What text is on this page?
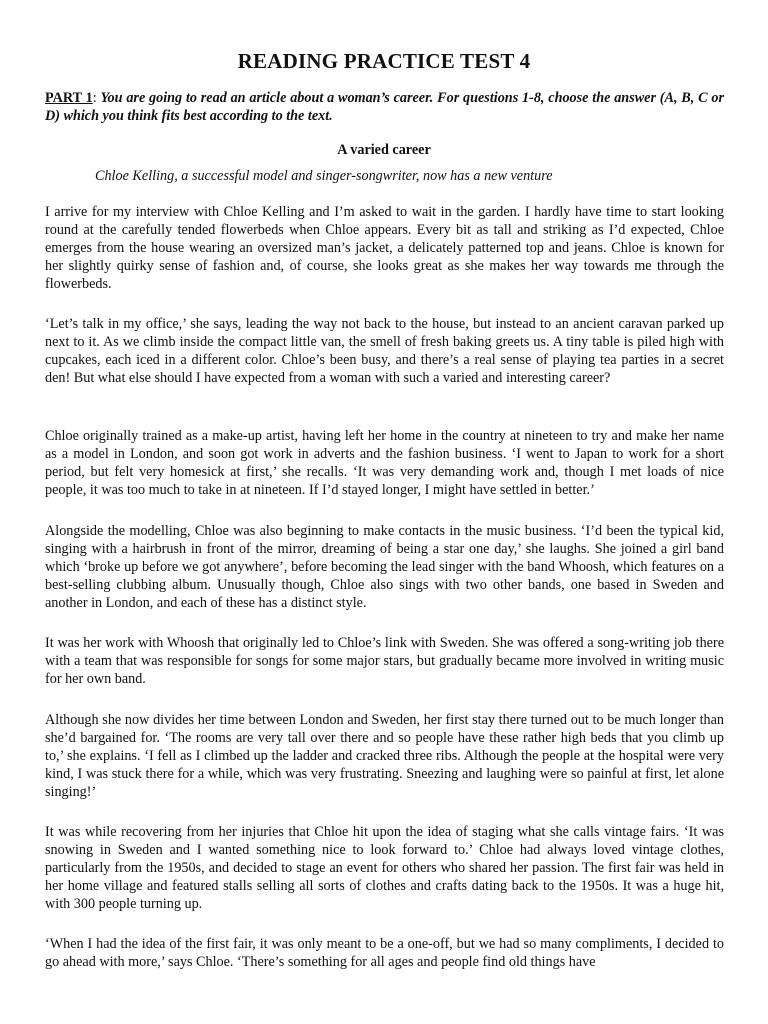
READING PRACTICE TEST 4
PART 1: You are going to read an article about a woman’s career. For questions 1-8, choose the answer (A, B, C or D) which you think fits best according to the text.
A varied career
Chloe Kelling, a successful model and singer-songwriter, now has a new venture

I arrive for my interview with Chloe Kelling and I’m asked to wait in the garden. I hardly have time to start looking round at the carefully tended flowerbeds when Chloe appears. Every bit as tall and striking as I’d expected, Chloe emerges from the house wearing an oversized man’s jacket, a delicately patterned top and jeans. Chloe is known for her slightly quirky sense of fashion and, of course, she looks great as she makes her way towards me through the flowerbeds.

‘Let’s talk in my office,’ she says, leading the way not back to the house, but instead to an ancient caravan parked up next to it. As we climb inside the compact little van, the smell of fresh baking greets us. A tiny table is piled high with cupcakes, each iced in a different color. Chloe’s been busy, and there’s a real sense of playing tea parties in a secret den! But what else should I have expected from a woman with such a varied and interesting career?

Chloe originally trained as a make-up artist, having left her home in the country at nineteen to try and make her name as a model in London, and soon got work in adverts and the fashion business. ‘I went to Japan to work for a short period, but felt very homesick at first,’ she recalls. ‘It was very demanding work and, though I met loads of nice people, it was too much to take in at nineteen. If I’d stayed longer, I might have settled in better.’

Alongside the modelling, Chloe was also beginning to make contacts in the music business. ‘I’d been the typical kid, singing with a hairbrush in front of the mirror, dreaming of being a star one day,’ she laughs. She joined a girl band which ‘broke up before we got anywhere’, before becoming the lead singer with the band Whoosh, which features on a best-selling clubbing album. Unusually though, Chloe also sings with two other bands, one based in Sweden and another in London, and each of these has a distinct style.

It was her work with Whoosh that originally led to Chloe’s link with Sweden. She was offered a song-writing job there with a team that was responsible for songs for some major stars, but gradually became more involved in writing music for her own band.

Although she now divides her time between London and Sweden, her first stay there turned out to be much longer than she’d bargained for. ‘The rooms are very tall over there and so people have these rather high beds that you climb up to,’ she explains. ‘I fell as I climbed up the ladder and cracked three ribs. Although the people at the hospital were very kind, I was stuck there for a while, which was very frustrating. Sneezing and laughing were so painful at first, let alone singing!’

It was while recovering from her injuries that Chloe hit upon the idea of staging what she calls vintage fairs. ‘It was snowing in Sweden and I wanted something nice to look forward to.’ Chloe had always loved vintage clothes, particularly from the 1950s, and decided to stage an event for others who shared her passion. The first fair was held in her home village and featured stalls selling all sorts of clothes and crafts dating back to the 1950s. It was a huge hit, with 300 people turning up.

‘When I had the idea of the first fair, it was only meant to be a one-off, but we had so many compliments, I decided to go ahead with more,’ says Chloe. ‘There’s something for all ages and people find old things have
